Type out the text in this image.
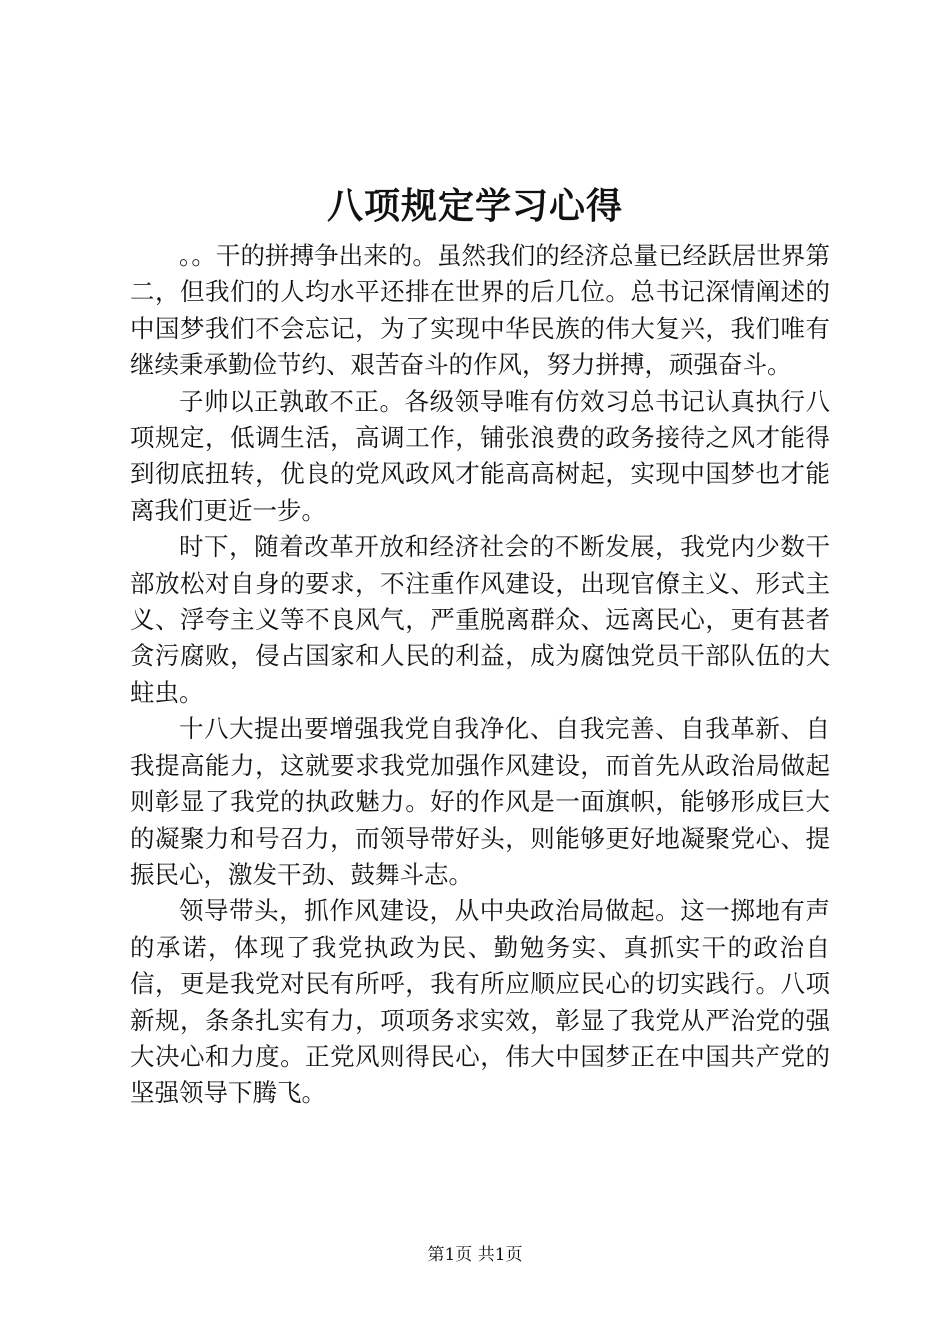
八项规定学习心得

。。干的拼搏争出来的。虽然我们的经济总量已经跃居世界第二，但我们的人均水平还排在世界的后几位。总书记深情阐述的中国梦我们不会忘记，为了实现中华民族的伟大复兴，我们唯有继续秉承勤俭节约、艰苦奋斗的作风，努力拼搏，顽强奋斗。

子帅以正孰敢不正。各级领导唯有仿效习总书记认真执行八项规定，低调生活，高调工作，铺张浪费的政务接待之风才能得到彻底扭转，优良的党风政风才能高高树起，实现中国梦也才能离我们更近一步。

时下，随着改革开放和经济社会的不断发展，我党内少数干部放松对自身的要求，不注重作风建设，出现官僚主义、形式主义、浮夸主义等不良风气，严重脱离群众、远离民心，更有甚者贪污腐败，侵占国家和人民的利益，成为腐蚀党员干部队伍的大蛀虫。

十八大提出要增强我党自我净化、自我完善、自我革新、自我提高能力，这就要求我党加强作风建设，而首先从政治局做起则彰显了我党的执政魅力。好的作风是一面旗帜，能够形成巨大的凝聚力和号召力，而领导带好头，则能够更好地凝聚党心、提振民心，激发干劲、鼓舞斗志。

领导带头，抓作风建设，从中央政治局做起。这一掷地有声的承诺，体现了我党执政为民、勤勉务实、真抓实干的政治自信，更是我党对民有所呼，我有所应顺应民心的切实践行。八项新规，条条扎实有力，项项务求实效，彰显了我党从严治党的强大决心和力度。正党风则得民心，伟大中国梦正在中国共产党的坚强领导下腾飞。

第1页 共1页
